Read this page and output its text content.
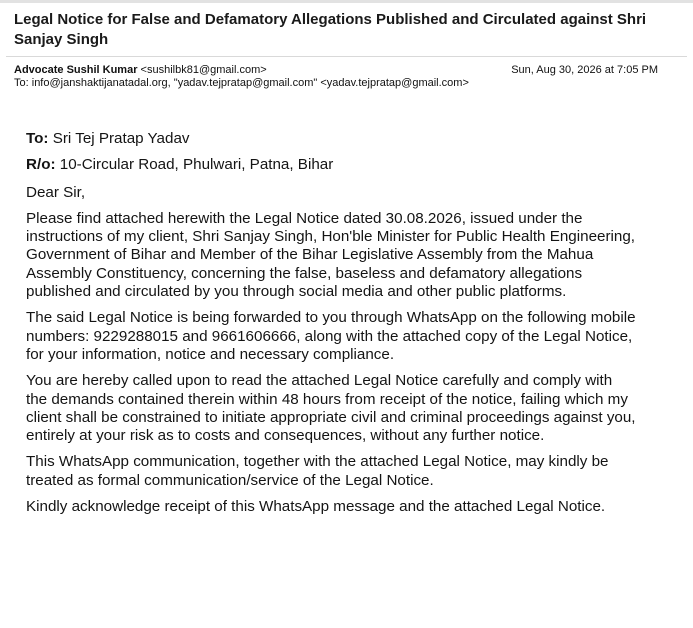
Legal Notice for False and Defamatory Allegations Published and Circulated against Shri Sanjay Singh
Advocate Sushil Kumar <sushilbk81@gmail.com>	Sun, Aug 30, 2026 at 7:05 PM
To: info@janshaktijanatadal.org, "yadav.tejpratap@gmail.com" <yadav.tejpratap@gmail.com>

To: Sri Tej Pratap Yadav

R/o: 10-Circular Road, Phulwari, Patna, Bihar

Dear Sir,

Please find attached herewith the Legal Notice dated 30.08.2026, issued under the instructions of my client, Shri Sanjay Singh, Hon'ble Minister for Public Health Engineering, Government of Bihar and Member of the Bihar Legislative Assembly from the Mahua Assembly Constituency, concerning the false, baseless and defamatory allegations published and circulated by you through social media and other public platforms.

The said Legal Notice is being forwarded to you through WhatsApp on the following mobile numbers: 9229288015 and 9661606666, along with the attached copy of the Legal Notice, for your information, notice and necessary compliance.

You are hereby called upon to read the attached Legal Notice carefully and comply with the demands contained therein within 48 hours from receipt of the notice, failing which my client shall be constrained to initiate appropriate civil and criminal proceedings against you, entirely at your risk as to costs and consequences, without any further notice.

This WhatsApp communication, together with the attached Legal Notice, may kindly be treated as formal communication/service of the Legal Notice.

Kindly acknowledge receipt of this WhatsApp message and the attached Legal Notice.
